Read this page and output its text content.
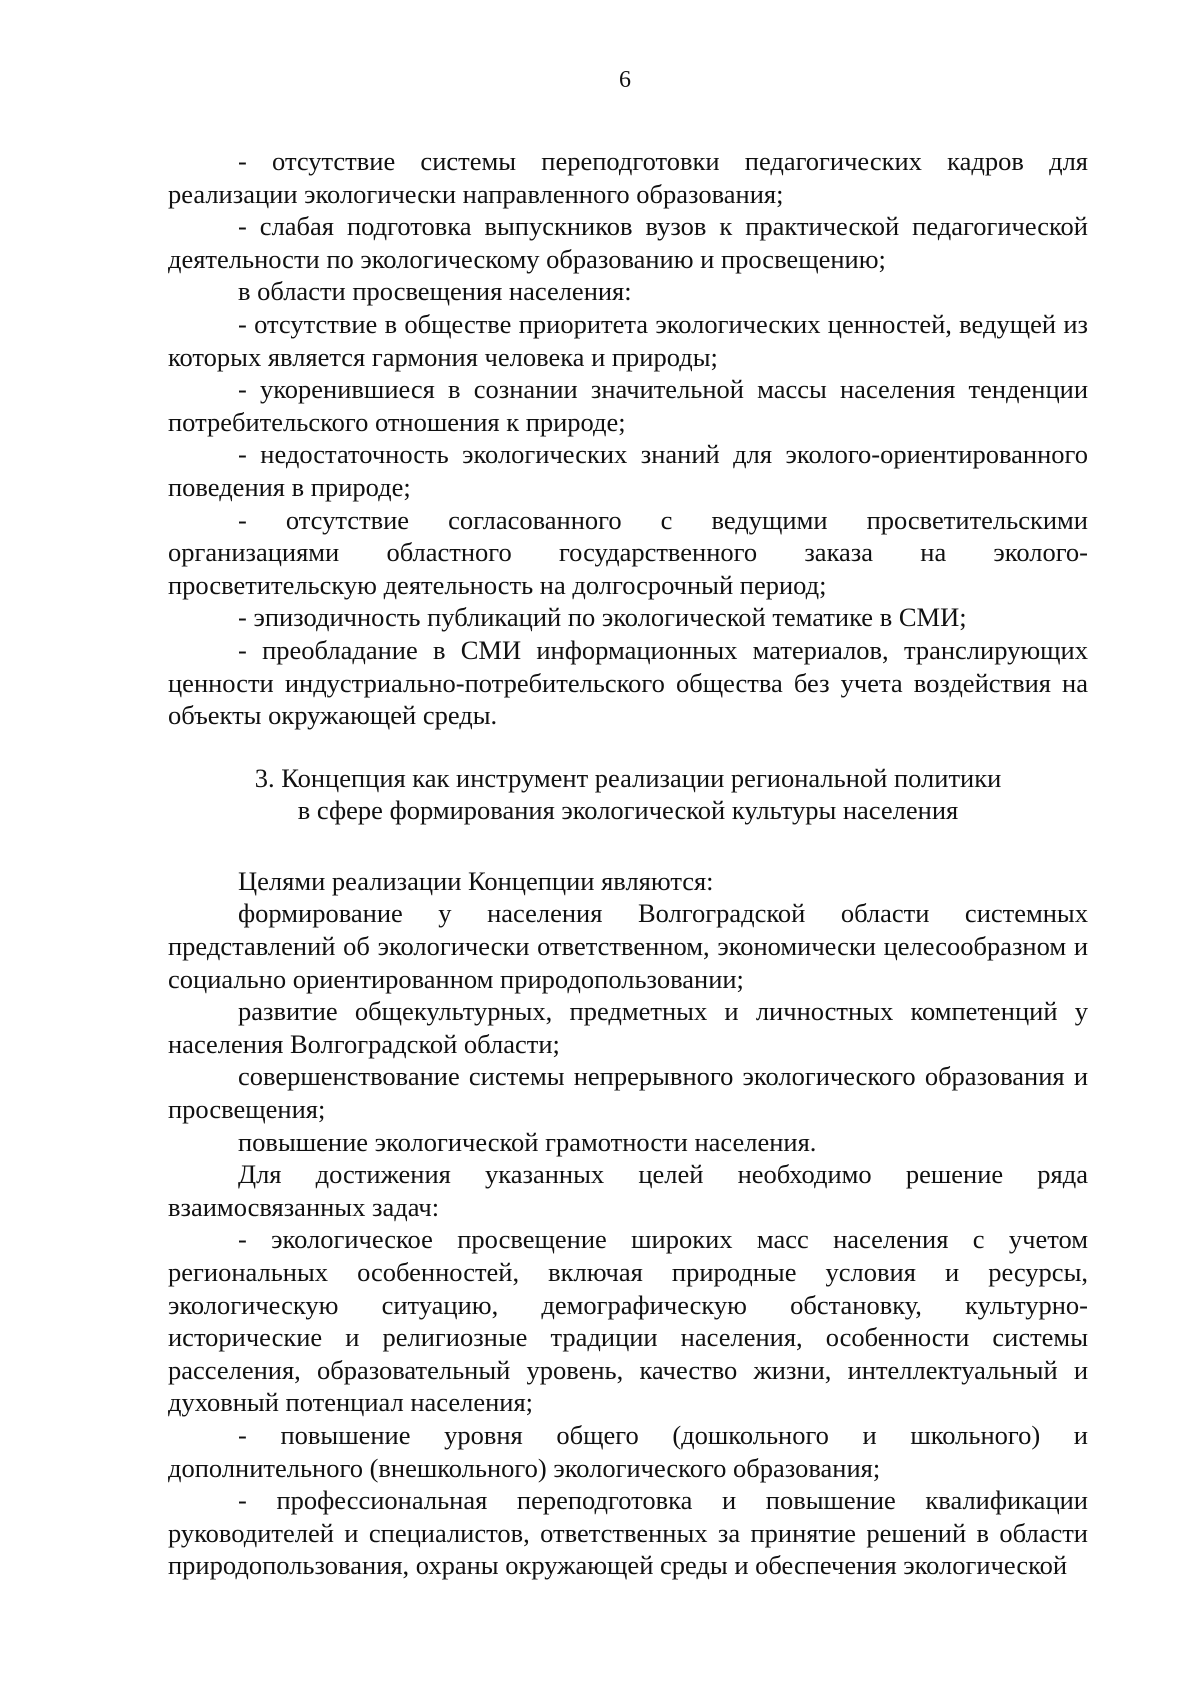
6

- отсутствие системы переподготовки педагогических кадров для реализации экологически направленного образования;

- слабая подготовка выпускников вузов к практической педагогической деятельности по экологическому образованию и просвещению;

в области просвещения населения:

- отсутствие в обществе приоритета экологических ценностей, ведущей из которых является гармония человека и природы;

- укоренившиеся в сознании значительной массы населения тенденции потребительского отношения к природе;

- недостаточность экологических знаний для эколого-ориентированного поведения в природе;

- отсутствие согласованного с ведущими просветительскими организациями областного государственного заказа на эколого-просветительскую деятельность на долгосрочный период;

- эпизодичность публикаций по экологической тематике в СМИ;

- преобладание в СМИ информационных материалов, транслирующих ценности индустриально-потребительского общества без учета воздействия на объекты окружающей среды.

3. Концепция как инструмент реализации региональной политики
в сфере формирования экологической культуры населения

Целями реализации Концепции являются:

формирование у населения Волгоградской области системных представлений об экологически ответственном, экономически целесообразном и социально ориентированном природопользовании;

развитие общекультурных, предметных и личностных компетенций у населения Волгоградской области;

совершенствование системы непрерывного экологического образования и просвещения;

повышение экологической грамотности населения.

Для достижения указанных целей необходимо решение ряда взаимосвязанных задач:

- экологическое просвещение широких масс населения с учетом региональных особенностей, включая природные условия и ресурсы, экологическую ситуацию, демографическую обстановку, культурно-исторические и религиозные традиции населения, особенности системы расселения, образовательный уровень, качество жизни, интеллектуальный и духовный потенциал населения;

- повышение уровня общего (дошкольного и школьного) и дополнительного (внешкольного) экологического образования;

- профессиональная переподготовка и повышение квалификации руководителей и специалистов, ответственных за принятие решений в области природопользования, охраны окружающей среды и обеспечения экологической
